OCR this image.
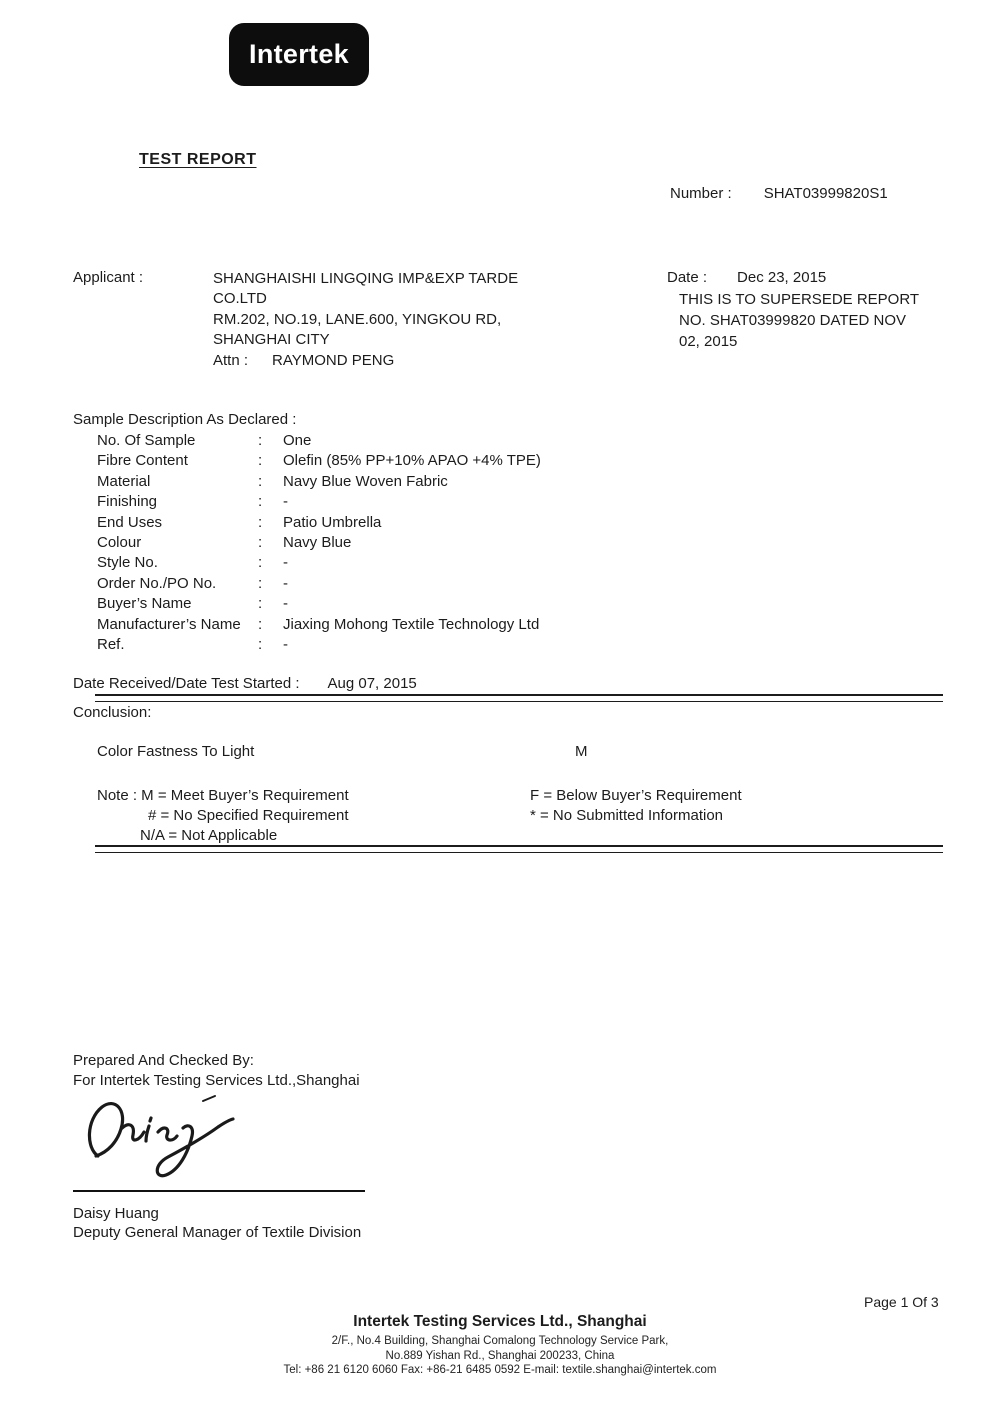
Intertek
TEST REPORT
Number : SHAT03999820S1
Applicant :	SHANGHAISHI LINGQING IMP&EXP TARDE
CO.LTD
RM.202, NO.19, LANE.600, YINGKOU RD,
SHANGHAI CITY
Attn : RAYMOND PENG
Date : Dec 23, 2015
THIS IS TO SUPERSEDE REPORT
NO. SHAT03999820 DATED NOV
02, 2015
Sample Description As Declared :
No. Of Sample	:	One
Fibre Content	:	Olefin (85% PP+10% APAO +4% TPE)
Material	:	Navy Blue Woven Fabric
Finishing	:	-
End Uses	:	Patio Umbrella
Colour	:	Navy Blue
Style No.	:	-
Order No./PO No.	:	-
Buyer’s Name	:	-
Manufacturer’s Name	:	Jiaxing Mohong Textile Technology Ltd
Ref.	:	-
Date Received/Date Test Started : Aug 07, 2015
Conclusion:
Color Fastness To Light	M
Note : M = Meet Buyer’s Requirement	F = Below Buyer’s Requirement
# = No Specified Requirement	* = No Submitted Information
N/A = Not Applicable
Prepared And Checked By:
For Intertek Testing Services Ltd.,Shanghai
Daisy Huang
Deputy General Manager of Textile Division
Page 1 Of 3
Intertek Testing Services Ltd., Shanghai
2/F., No.4 Building, Shanghai Comalong Technology Service Park,
No.889 Yishan Rd., Shanghai 200233, China
Tel: +86 21 6120 6060 Fax: +86-21 6485 0592 E-mail: textile.shanghai@intertek.com
